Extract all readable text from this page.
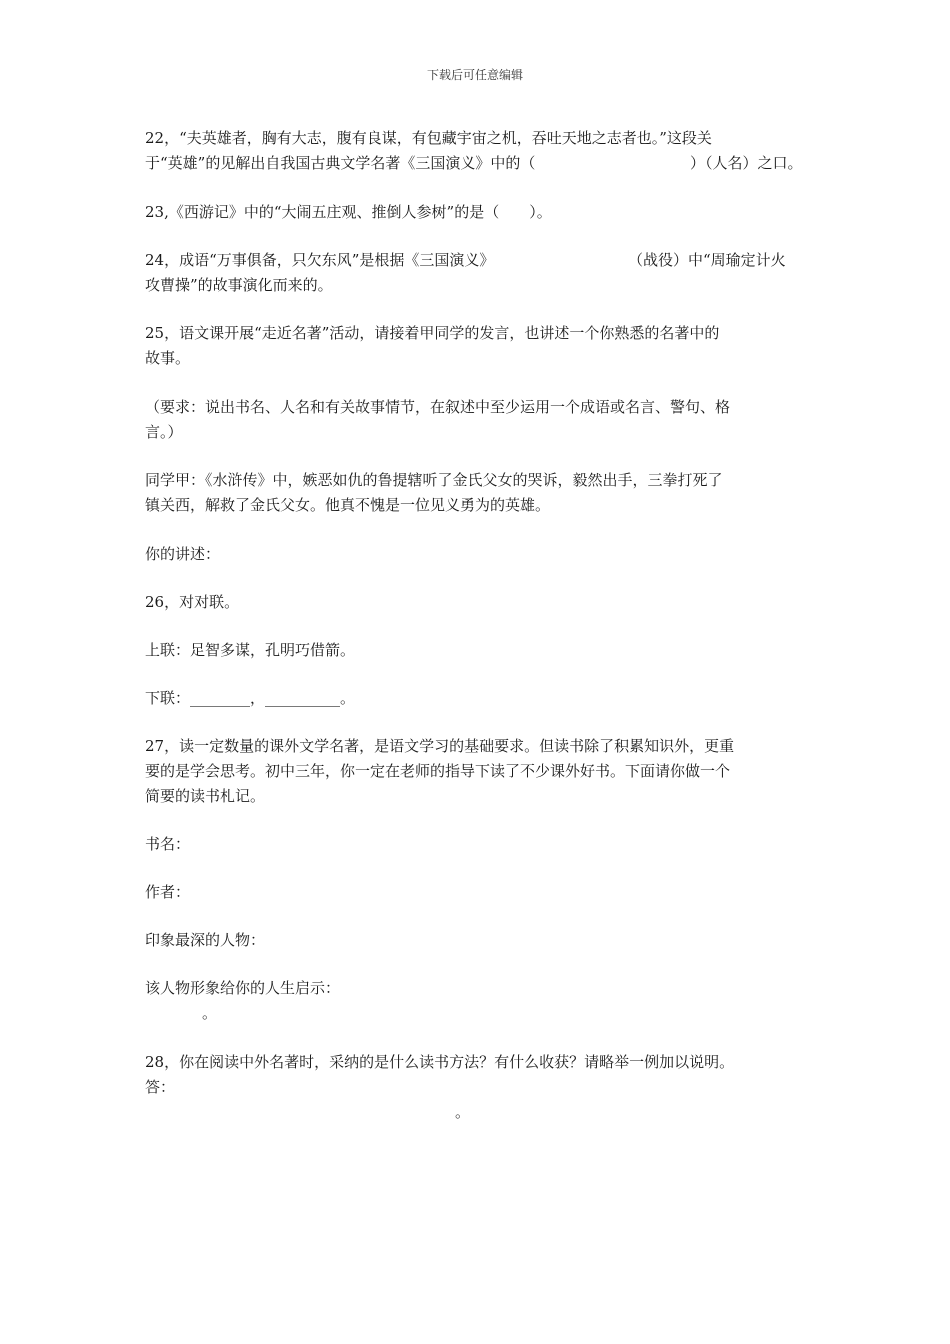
下载后可任意编辑
22，“夫英雄者，胸有大志，腹有良谋，有包藏宇宙之机，吞吐天地之志者也。”这段关
于“英雄”的见解出自我国古典文学名著《三国演义》中的（	）（人名）之口。
23,《西游记》中的“大闹五庄观、推倒人参树”的是（　　）。
24，成语“万事俱备，只欠东风”是根据《三国演义》	（战役）中“周瑜定计火
攻曹操”的故事演化而来的。
25，语文课开展“走近名著”活动，请接着甲同学的发言，也讲述一个你熟悉的名著中的
故事。
（要求：说出书名、人名和有关故事情节，在叙述中至少运用一个成语或名言、警句、格
言。）
同学甲：《水浒传》中，嫉恶如仇的鲁提辖听了金氏父女的哭诉，毅然出手，三拳打死了
镇关西，解救了金氏父女。他真不愧是一位见义勇为的英雄。
你的讲述：
26，对对联。
上联：足智多谋，孔明巧借箭。
下联：________，__________。
27，读一定数量的课外文学名著，是语文学习的基础要求。但读书除了积累知识外，更重
要的是学会思考。初中三年，你一定在老师的指导下读了不少课外好书。下面请你做一个
简要的读书札记。
书名：
作者：
印象最深的人物：
该人物形象给你的人生启示：
。
28，你在阅读中外名著时，采纳的是什么读书方法？有什么收获？请略举一例加以说明。
答：
。
